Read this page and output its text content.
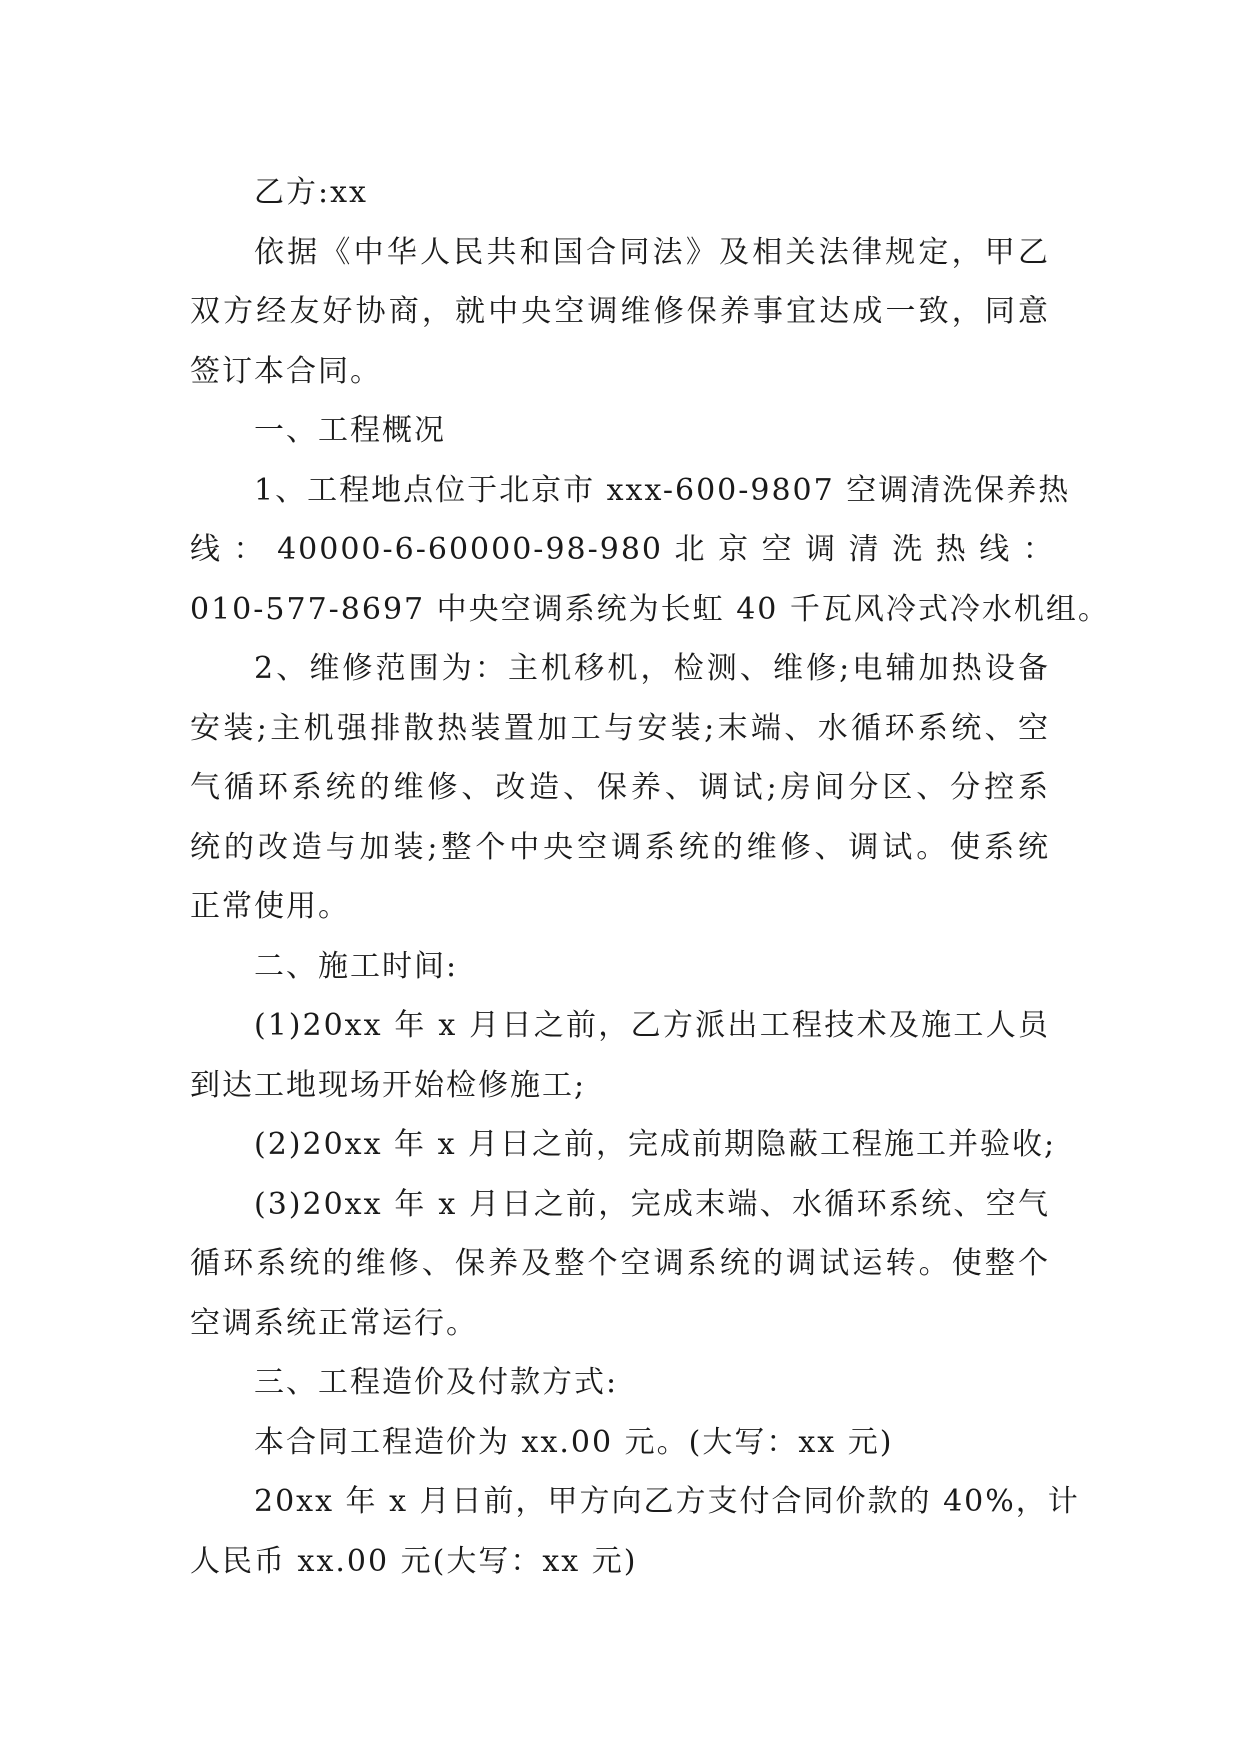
乙方:xx
依据《中华人民共和国合同法》及相关法律规定，甲乙
双方经友好协商，就中央空调维修保养事宜达成一致，同意
签订本合同。
一、工程概况
1、工程地点位于北京市 xxx-600-9807 空调清洗保养热
线 ： 40000-6-60000-98-980 北 京 空 调 清 洗 热 线 ：
010-577-8697 中央空调系统为长虹 40 千瓦风冷式冷水机组。
2、维修范围为：主机移机，检测、维修;电辅加热设备
安装;主机强排散热装置加工与安装;末端、水循环系统、空
气循环系统的维修、改造、保养、调试;房间分区、分控系
统的改造与加装;整个中央空调系统的维修、调试。使系统
正常使用。
二、施工时间:
(1)20xx 年 x 月日之前，乙方派出工程技术及施工人员
到达工地现场开始检修施工;
(2)20xx 年 x 月日之前，完成前期隐蔽工程施工并验收;
(3)20xx 年 x 月日之前，完成末端、水循环系统、空气
循环系统的维修、保养及整个空调系统的调试运转。使整个
空调系统正常运行。
三、工程造价及付款方式:
本合同工程造价为 xx.00 元。(大写：xx 元)
20xx 年 x 月日前，甲方向乙方支付合同价款的 40%，计
人民币 xx.00 元(大写：xx 元)
